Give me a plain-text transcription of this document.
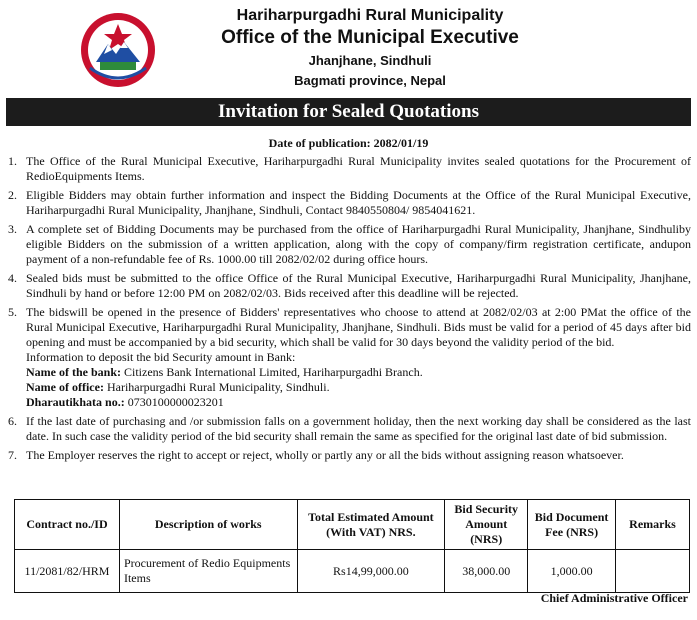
Hariharpurgadhi Rural Municipality
Office of the Municipal Executive
Jhanjhane, Sindhuli
Bagmati province, Nepal
Invitation for Sealed Quotations
Date of publication: 2082/01/19
1. The Office of the Rural Municipal Executive, Hariharpurgadhi Rural Municipality invites sealed quotations for the Procurement of RedioEquipments Items.
2. Eligible Bidders may obtain further information and inspect the Bidding Documents at the Office of the Rural Municipal Executive, Hariharpurgadhi Rural Municipality, Jhanjhane, Sindhuli, Contact 9840550804/ 9854041621.
3. A complete set of Bidding Documents may be purchased from the office of Hariharpurgadhi Rural Municipality, Jhanjhane, Sindhuliby eligible Bidders on the submission of a written application, along with the copy of company/firm registration certificate, andupon payment of a non-refundable fee of Rs. 1000.00 till 2082/02/02 during office hours.
4. Sealed bids must be submitted to the office Office of the Rural Municipal Executive, Hariharpurgadhi Rural Municipality, Jhanjhane, Sindhuli by hand or before 12:00 PM on 2082/02/03. Bids received after this deadline will be rejected.
5. The bidswill be opened in the presence of Bidders' representatives who choose to attend at 2082/02/03 at 2:00 PMat the office of the Rural Municipal Executive, Hariharpurgadhi Rural Municipality, Jhanjhane, Sindhuli. Bids must be valid for a period of 45 days after bid opening and must be accompanied by a bid security, which shall be valid for 30 days beyond the validity period of the bid.
Information to deposit the bid Security amount in Bank:
Name of the bank: Citizens Bank International Limited, Hariharpurgadhi Branch.
Name of office: Hariharpurgadhi Rural Municipality, Sindhuli.
Dharautikhata no.: 0730100000023201
6. If the last date of purchasing and /or submission falls on a government holiday, then the next working day shall be considered as the last date. In such case the validity period of the bid security shall remain the same as specified for the original last date of bid submission.
7. The Employer reserves the right to accept or reject, wholly or partly any or all the bids without assigning reason whatsoever.
Contract no./ID	Description of works	Total Estimated Amount (With VAT) NRS.	Bid Security Amount (NRS)	Bid Document Fee (NRS)	Remarks
11/2081/82/HRM	Procurement of Redio Equipments Items	Rs14,99,000.00	38,000.00	1,000.00	
Chief Administrative Officer
